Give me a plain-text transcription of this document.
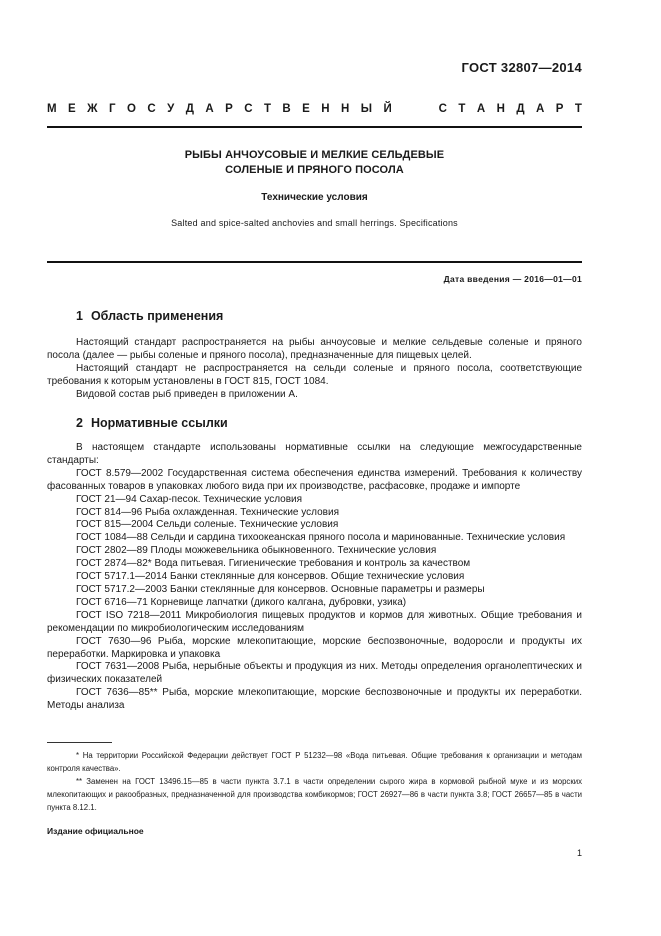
ГОСТ 32807—2014
М Е Ж Г О С У Д А Р С Т В Е Н Н Ы Й	С Т А Н Д А Р Т
РЫБЫ АНЧОУСОВЫЕ И МЕЛКИЕ СЕЛЬДЕВЫЕ
СОЛЕНЫЕ И ПРЯНОГО ПОСОЛА
Технические условия
Salted and spice-salted anchovies and small herrings. Specifications
Дата введения — 2016—01—01
1 Область применения

Настоящий стандарт распространяется на рыбы анчоусовые и мелкие сельдевые соленые и пряного посола (далее — рыбы соленые и пряного посола), предназначенные для пищевых целей.

Настоящий стандарт не распространяется на сельди соленые и пряного посола, соответствующие требования к которым установлены в ГОСТ 815, ГОСТ 1084.

Видовой состав рыб приведен в приложении А.

2 Нормативные ссылки

В настоящем стандарте использованы нормативные ссылки на следующие межгосударственные стандарты:

ГОСТ 8.579—2002 Государственная система обеспечения единства измерений. Требования к количеству фасованных товаров в упаковках любого вида при их производстве, расфасовке, продаже и импорте

ГОСТ 21—94 Сахар-песок. Технические условия

ГОСТ 814—96 Рыба охлажденная. Технические условия

ГОСТ 815—2004 Сельди соленые. Технические условия

ГОСТ 1084—88 Сельди и сардина тихоокеанская пряного посола и маринованные. Технические условия

ГОСТ 2802—89 Плоды можжевельника обыкновенного. Технические условия

ГОСТ 2874—82* Вода питьевая. Гигиенические требования и контроль за качеством

ГОСТ 5717.1—2014 Банки стеклянные для консервов. Общие технические условия

ГОСТ 5717.2—2003 Банки стеклянные для консервов. Основные параметры и размеры

ГОСТ 6716—71 Корневище лапчатки (дикого калгана, дубровки, узика)

ГОСТ ISO 7218—2011 Микробиология пищевых продуктов и кормов для животных. Общие требования и рекомендации по микробиологическим исследованиям

ГОСТ 7630—96 Рыба, морские млекопитающие, морские беспозвоночные, водоросли и продукты их переработки. Маркировка и упаковка

ГОСТ 7631—2008 Рыба, нерыбные объекты и продукция из них. Методы определения органолептических и физических показателей

ГОСТ 7636—85** Рыба, морские млекопитающие, морские беспозвоночные и продукты их переработки. Методы анализа

* На территории Российской Федерации действует ГОСТ Р 51232—98 «Вода питьевая. Общие требования к организации и методам контроля качества».

** Заменен на ГОСТ 13496.15—85 в части пункта 3.7.1 в части определении сырого жира в кормовой рыбной муке и из морских млекопитающих и ракообразных, предназначенной для производства комбикормов; ГОСТ 26927—86 в части пункта 3.8; ГОСТ 26657—85 в части пункта 8.12.1.

Издание официальное
1
